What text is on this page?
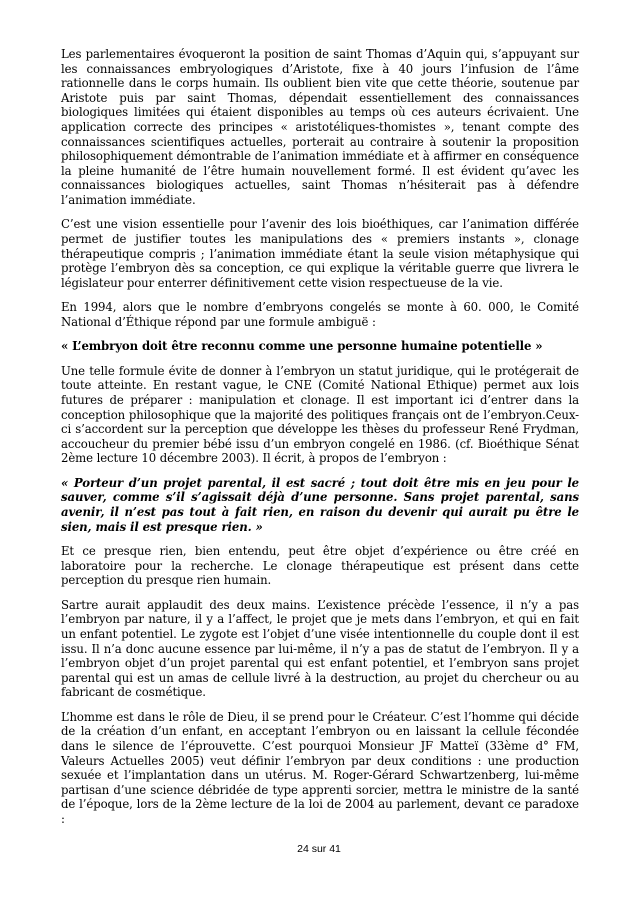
Les parlementaires évoqueront la position de saint Thomas d’Aquin qui, s’appuyant sur les connaissances embryologiques d’Aristote, fixe à 40 jours l’infusion de l’âme rationnelle dans le corps humain. Ils oublient bien vite que cette théorie, soutenue par Aristote puis par saint Thomas, dépendait essentiellement des connaissances biologiques limitées qui étaient disponibles au temps où ces auteurs écrivaient. Une application correcte des principes « aristotéliques-thomistes », tenant compte des connaissances scientifiques actuelles, porterait au contraire à soutenir la proposition philosophiquement démontrable de l’animation immédiate et à affirmer en conséquence la pleine humanité de l’être humain nouvellement formé. Il est évident qu’avec les connaissances biologiques actuelles, saint Thomas n’hésiterait pas à défendre l’animation immédiate.

C’est une vision essentielle pour l’avenir des lois bioéthiques, car l’animation différée permet de justifier toutes les manipulations des « premiers instants », clonage thérapeutique compris ; l’animation immédiate étant la seule vision métaphysique qui protège l’embryon dès sa conception, ce qui explique la véritable guerre que livrera le législateur pour enterrer définitivement cette vision respectueuse de la vie.

En 1994, alors que le nombre d’embryons congelés se monte à 60. 000, le Comité National d’Éthique répond par une formule ambiguë :

« L’embryon doit être reconnu comme une personne humaine potentielle »

Une telle formule évite de donner à l’embryon un statut juridique, qui le protégerait de toute atteinte. En restant vague, le CNE (Comité National Ethique) permet aux lois futures de préparer : manipulation et clonage. Il est important ici d’entrer dans la conception philosophique que la majorité des politiques français ont de l’embryon.Ceux-ci s’accordent sur la perception que développe les thèses du professeur René Frydman, accoucheur du premier bébé issu d’un embryon congelé en 1986. (cf. Bioéthique Sénat 2ème lecture 10 décembre 2003). Il écrit, à propos de l’embryon :

« Porteur d’un projet parental, il est sacré ; tout doit être mis en jeu pour le sauver, comme s’il s’agissait déjà d’une personne. Sans projet parental, sans avenir, il n’est pas tout à fait rien, en raison du devenir qui aurait pu être le sien, mais il est presque rien. »

Et ce presque rien, bien entendu, peut être objet d’expérience ou être créé en laboratoire pour la recherche. Le clonage thérapeutique est présent dans cette perception du presque rien humain.

Sartre aurait applaudit des deux mains. L’existence précède l’essence, il n’y a pas l’embryon par nature, il y a l’affect, le projet que je mets dans l’embryon, et qui en fait un enfant potentiel. Le zygote est l’objet d’une visée intentionnelle du couple dont il est issu. Il n’a donc aucune essence par lui-même, il n’y a pas de statut de l’embryon. Il y a l’embryon objet d’un projet parental qui est enfant potentiel, et l’embryon sans projet parental qui est un amas de cellule livré à la destruction, au projet du chercheur ou au fabricant de cosmétique.

L’homme est dans le rôle de Dieu, il se prend pour le Créateur. C’est l’homme qui décide de la création d’un enfant, en acceptant l’embryon ou en laissant la cellule fécondée dans le silence de l’éprouvette. C’est pourquoi Monsieur JF Matteï (33ème d° FM, Valeurs Actuelles 2005) veut définir l’embryon par deux conditions : une production sexuée et l’implantation dans un utérus. M. Roger-Gérard Schwartzenberg, lui-même partisan d’une science débridée de type apprenti sorcier, mettra le ministre de la santé de l’époque, lors de la 2ème lecture de la loi de 2004 au parlement, devant ce paradoxe :

24 sur 41
